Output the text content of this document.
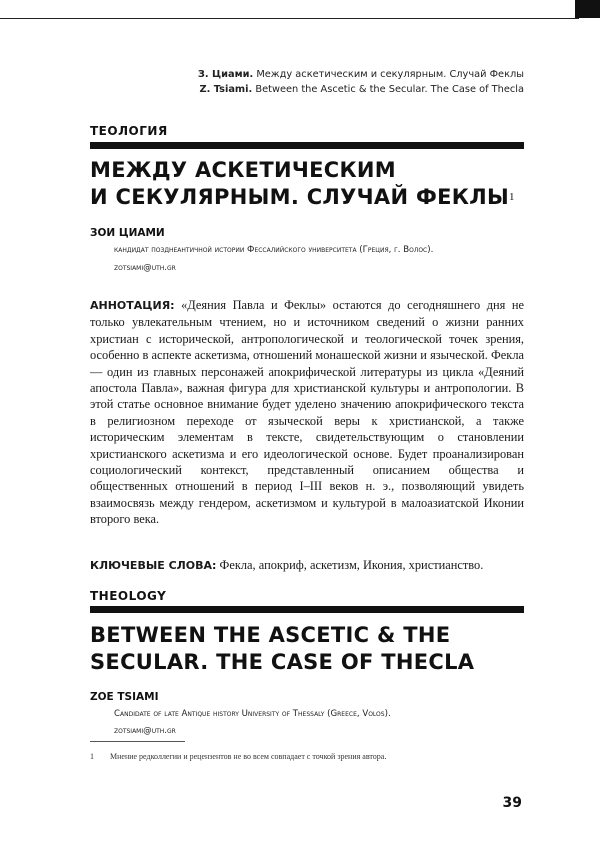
З. Циами. Между аскетическим и секулярным. Случай Феклы
Z. Tsiami. Between the Ascetic & the Secular. The Case of Thecla
ТЕОЛОГИЯ
МЕЖДУ АСКЕТИЧЕСКИМ
И СЕКУЛЯРНЫМ. СЛУЧАЙ ФЕКЛЫ$^1$
ЗОИ ЦИАМИ
кандидат позднеантичной истории Фессалийского университета (Греция, г. Волос).
zotsiami@uth.gr
АННОТАЦИЯ: «Деяния Павла и Феклы» остаются до сегодняшнего дня не только увлекательным чтением, но и источником сведений о жизни ранних христиан с исторической, антропологической и теологической точек зрения, особенно в аспекте аскетизма, отношений монашеской жизни и языческой. Фекла — один из главных персонажей апокрифической литературы из цикла «Деяний апостола Павла», важная фигура для христианской культуры и антропологии. В этой статье основное внимание будет уделено значению апокрифического текста в религиозном переходе от языческой веры к христианской, а также историческим элементам в тексте, свидетельствующим о становлении христианского аскетизма и его идеологической основе. Будет проанализирован социологический контекст, представленный описанием общества и общественных отношений в период I–III веков н. э., позволяющий увидеть взаимосвязь между гендером, аскетизмом и культурой в малоазиатской Иконии второго века.
КЛЮЧЕВЫЕ СЛОВА: Фекла, апокриф, аскетизм, Икония, христианство.
THEOLOGY
BETWEEN THE ASCETIC & THE
SECULAR. THE CASE OF THECLA
ZOE TSIAMI
Candidate of late Antique history University of Thessaly (Greece, Volos).
zotsiami@uth.gr
1 Мнение редколлегии и рецензентов не во всем совпадает с точкой зрения автора.
39
